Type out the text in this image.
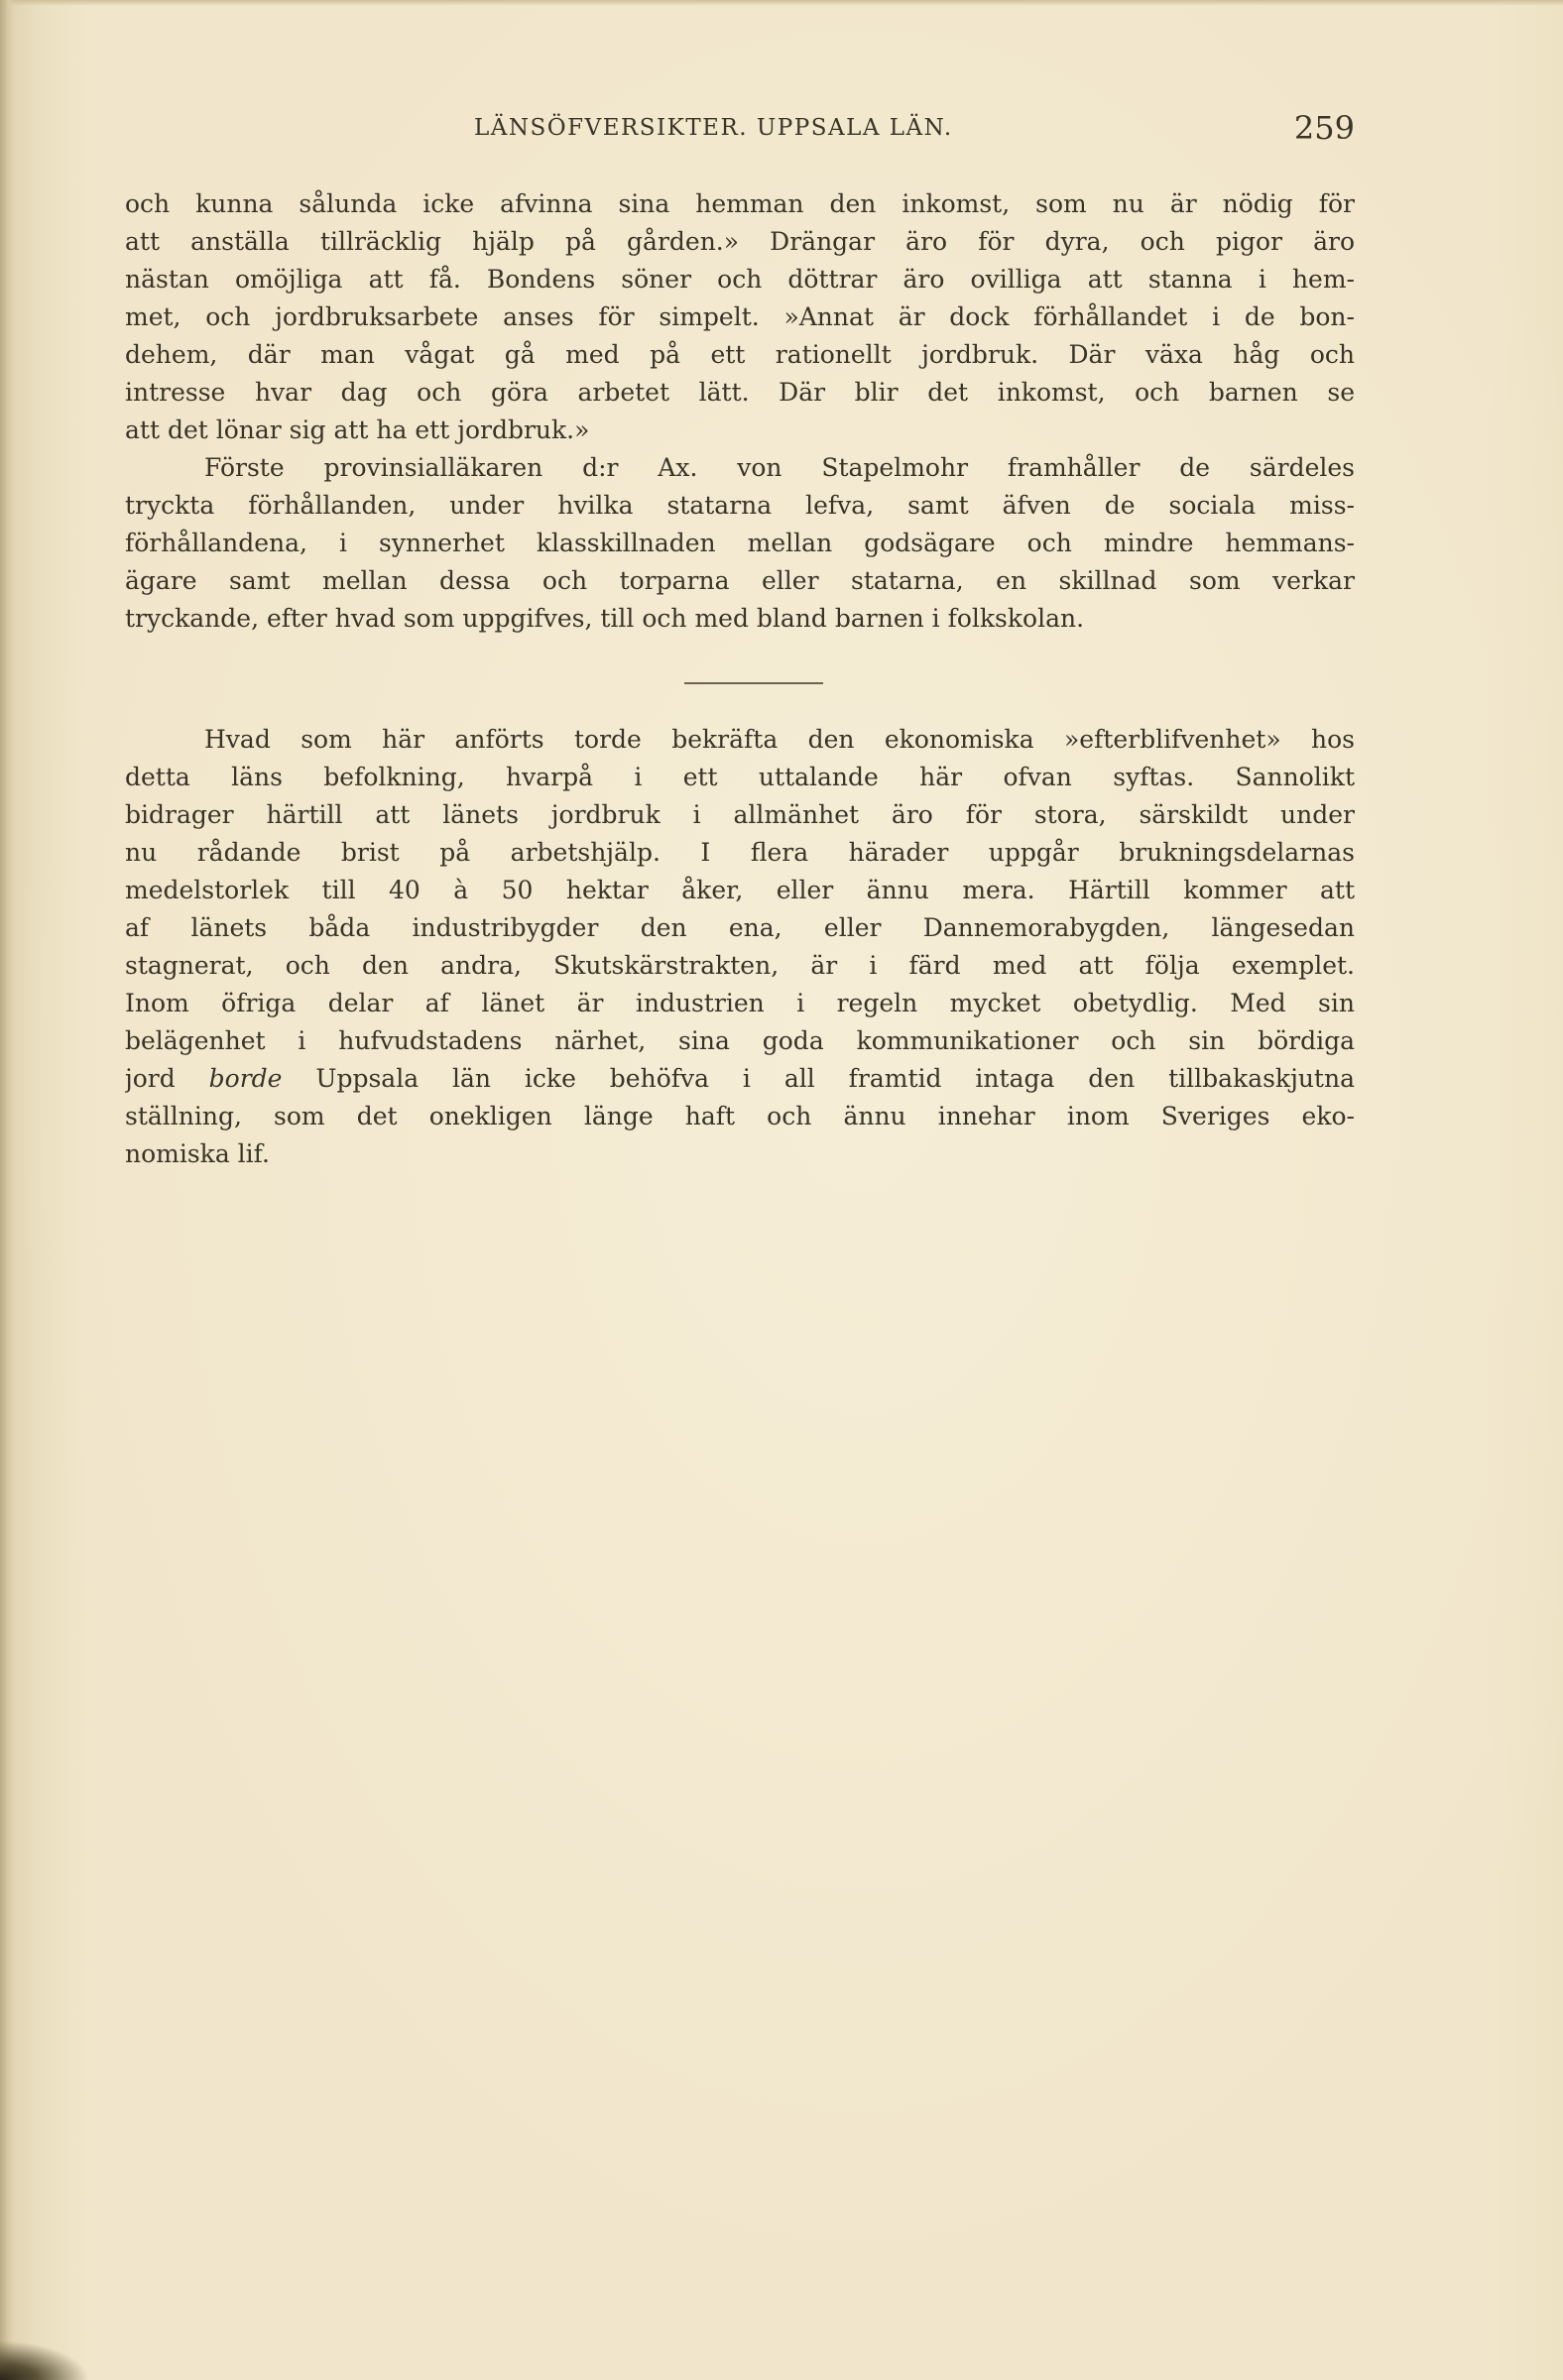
LÄNSÖFVERSIKTER. UPPSALA LÄN.	259
och kunna sålunda icke afvinna sina hemman den inkomst, som nu är nödig för
att anställa tillräcklig hjälp på gården.» Drängar äro för dyra, och pigor äro
nästan omöjliga att få. Bondens söner och döttrar äro ovilliga att stanna i hem-
met, och jordbruksarbete anses för simpelt. »Annat är dock förhållandet i de bon-
dehem, där man vågat gå med på ett rationellt jordbruk. Där växa håg och
intresse hvar dag och göra arbetet lätt. Där blir det inkomst, och barnen se
att det lönar sig att ha ett jordbruk.»
Förste provinsialläkaren d:r Ax. von Stapelmohr framhåller de särdeles
tryckta förhållanden, under hvilka statarna lefva, samt äfven de sociala miss-
förhållandena, i synnerhet klasskillnaden mellan godsägare och mindre hemmans-
ägare samt mellan dessa och torparna eller statarna, en skillnad som verkar
tryckande, efter hvad som uppgifves, till och med bland barnen i folkskolan.
Hvad som här anförts torde bekräfta den ekonomiska »efterblifvenhet» hos
detta läns befolkning, hvarpå i ett uttalande här ofvan syftas. Sannolikt
bidrager härtill att länets jordbruk i allmänhet äro för stora, särskildt under
nu rådande brist på arbetshjälp. I flera härader uppgår brukningsdelarnas
medelstorlek till 40 à 50 hektar åker, eller ännu mera. Härtill kommer att
af länets båda industribygder den ena, eller Dannemorabygden, längesedan
stagnerat, och den andra, Skutskärstrakten, är i färd med att följa exemplet.
Inom öfriga delar af länet är industrien i regeln mycket obetydlig. Med sin
belägenhet i hufvudstadens närhet, sina goda kommunikationer och sin bördiga
jord borde Uppsala län icke behöfva i all framtid intaga den tillbakaskjutna
ställning, som det onekligen länge haft och ännu innehar inom Sveriges eko-
nomiska lif.
